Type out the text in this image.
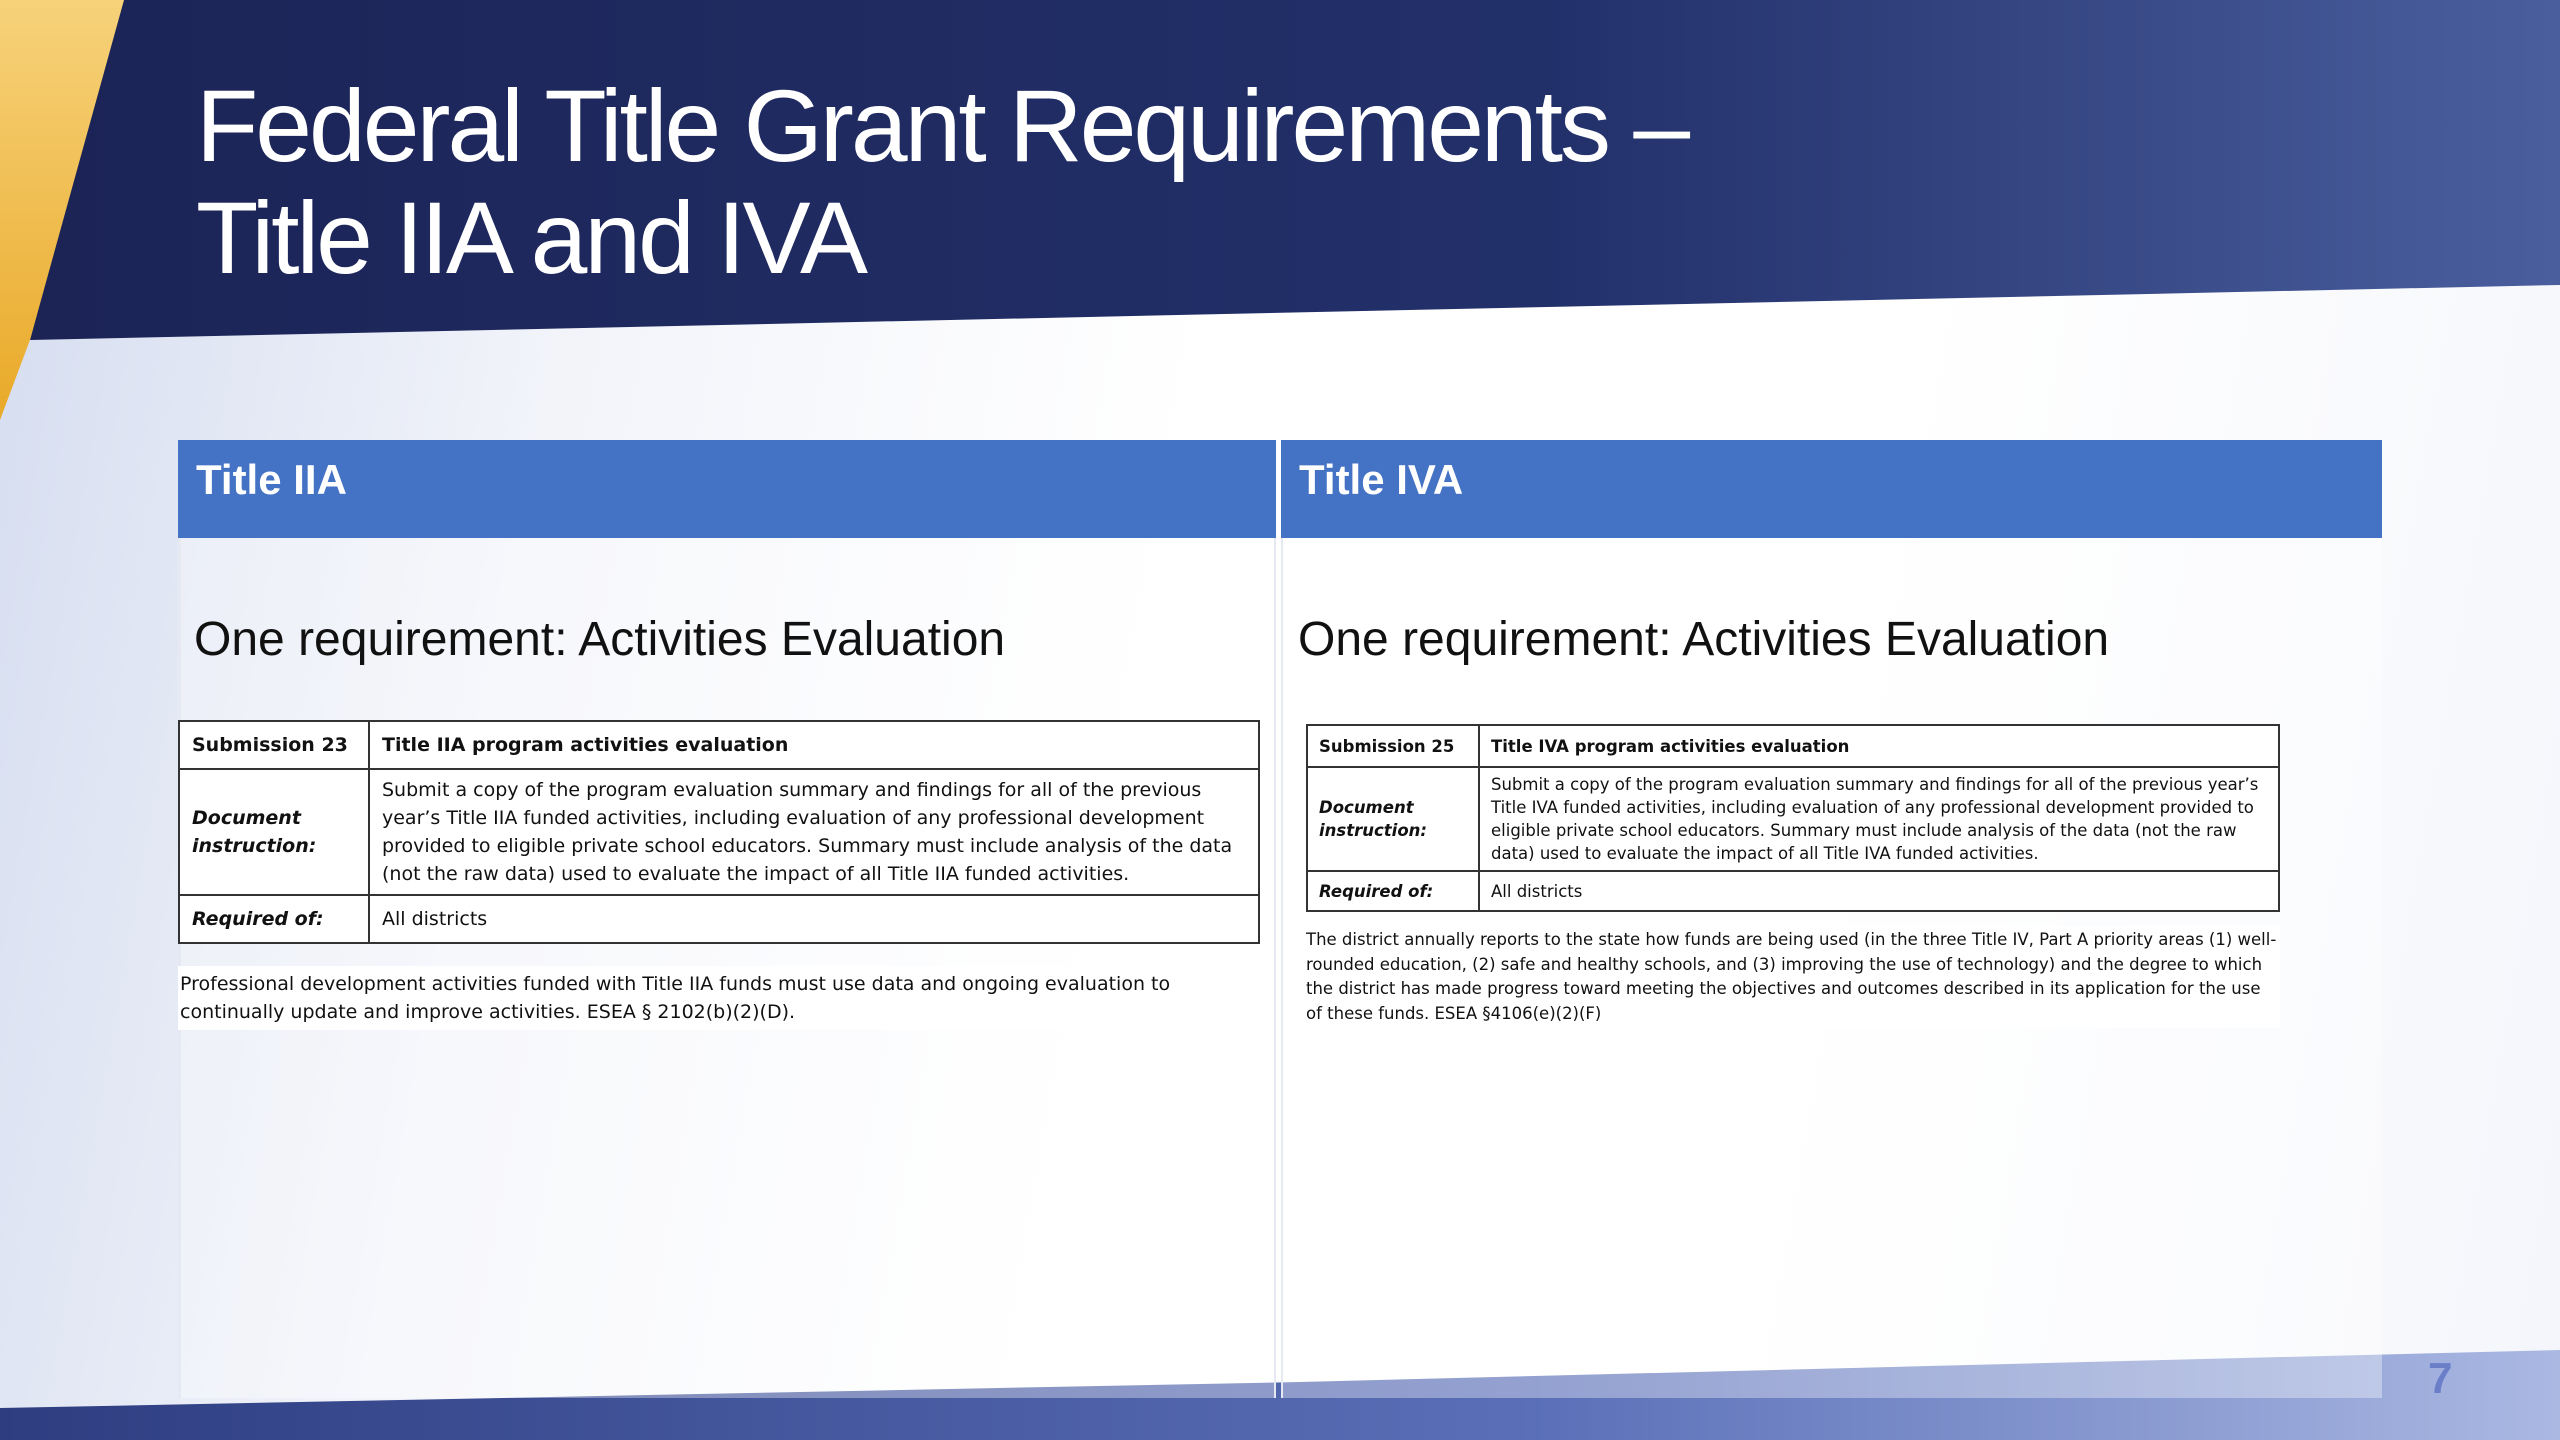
Federal Title Grant Requirements –
Title IIA and IVA
Title IIA	Title IVA
One requirement: Activities Evaluation	One requirement: Activities Evaluation
Submission 23	Title IIA program activities evaluation
Document instruction:	Submit a copy of the program evaluation summary and findings for all of the previous year’s Title IIA funded activities, including evaluation of any professional development provided to eligible private school educators. Summary must include analysis of the data (not the raw data) used to evaluate the impact of all Title IIA funded activities.
Required of:	All districts
Submission 25	Title IVA program activities evaluation
Document instruction:	Submit a copy of the program evaluation summary and findings for all of the previous year’s Title IVA funded activities, including evaluation of any professional development provided to eligible private school educators. Summary must include analysis of the data (not the raw data) used to evaluate the impact of all Title IVA funded activities.
Required of:	All districts

Professional development activities funded with Title IIA funds must use data and ongoing evaluation to continually update and improve activities. ESEA § 2102(b)(2)(D).

The district annually reports to the state how funds are being used (in the three Title IV, Part A priority areas (1) well-rounded education, (2) safe and healthy schools, and (3) improving the use of technology) and the degree to which the district has made progress toward meeting the objectives and outcomes described in its application for the use of these funds. ESEA §4106(e)(2)(F)

7
